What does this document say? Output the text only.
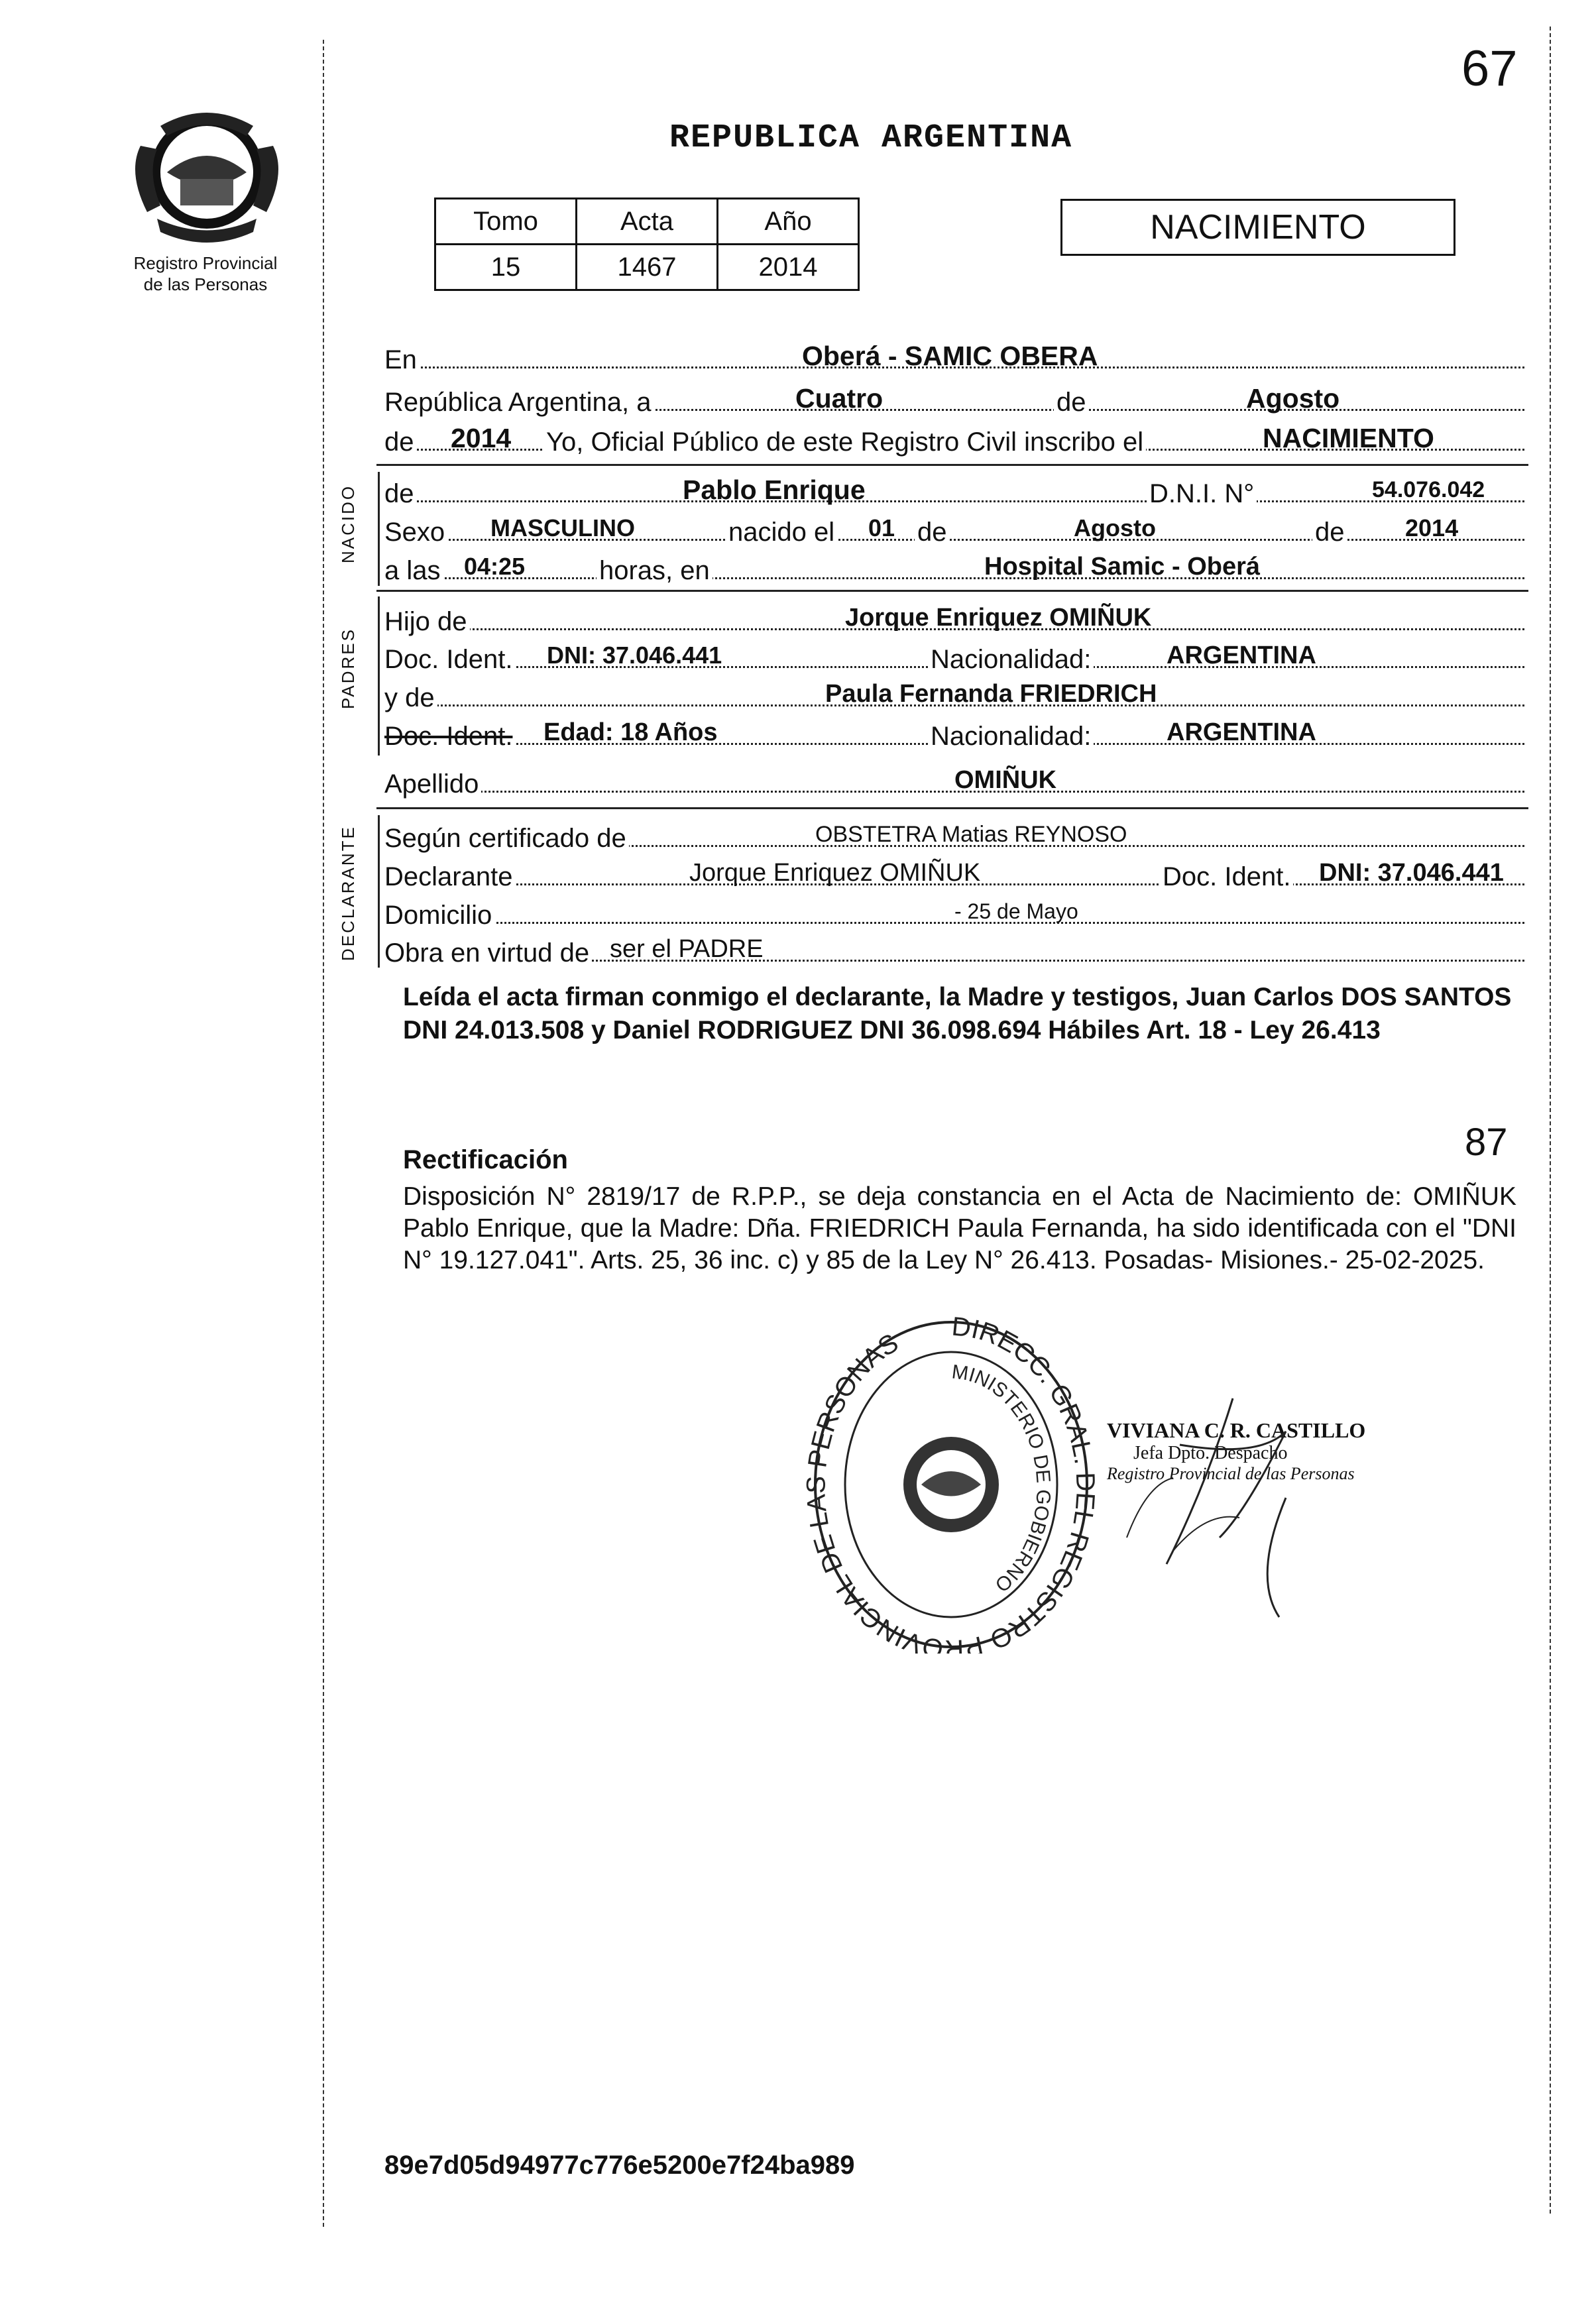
67
Registro Provincial
de las Personas
REPUBLICA ARGENTINA
Tomo	Acta	Año
15	1467	2014
NACIMIENTO
En	Oberá - SAMIC OBERA
República Argentina, a	Cuatro	de	Agosto
de 2014 Yo, Oficial Público de este Registro Civil inscribo el	NACIMIENTO
NACIDO de	Pablo Enrique	D.N.I. N°	54.076.042
Sexo MASCULINO	nacido el 01 de	Agosto	de	2014
a las 04:25	horas, en	Hospital Samic - Oberá
PADRES
Hijo de	Jorque Enriquez OMIÑUK
Doc. Ident. DNI: 37.046.441	Nacionalidad:	ARGENTINA
y de	Paula Fernanda FRIEDRICH
Doc. Ident. Edad: 18 Años	Nacionalidad:	ARGENTINA
Apellido	OMIÑUK
DECLARANTE Según certificado de	OBSTETRA Matias REYNOSO
Declarante	Jorque Enriquez OMIÑUK	Doc. Ident. DNI: 37.046.441
Domicilio	- 25 de Mayo
Obra en virtud de ser el PADRE
Leída el acta firman conmigo el declarante, la Madre y testigos, Juan Carlos DOS SANTOS DNI 24.013.508 y Daniel RODRIGUEZ DNI 36.098.694 Hábiles Art. 18 - Ley 26.413
87
Rectificación
Disposición N° 2819/17 de R.P.P., se deja constancia en el Acta de Nacimiento de: OMIÑUK Pablo Enrique, que la Madre: Dña. FRIEDRICH Paula Fernanda, ha sido identificada con el "DNI N° 19.127.041". Arts. 25, 36 inc. c) y 85 de la Ley N° 26.413. Posadas- Misiones.- 25-02-2025.
DIRECC. GRAL. L REGISTRO PROVINCIAL DE L PERSONAS
MINISTERIO DE GOBIERNO
VIVIANA C. R. CASTILLO
Jefa Dpto. Despacho
Registro Provincial de las Personas
89e7d05d94977c776e5200e7f24ba989
